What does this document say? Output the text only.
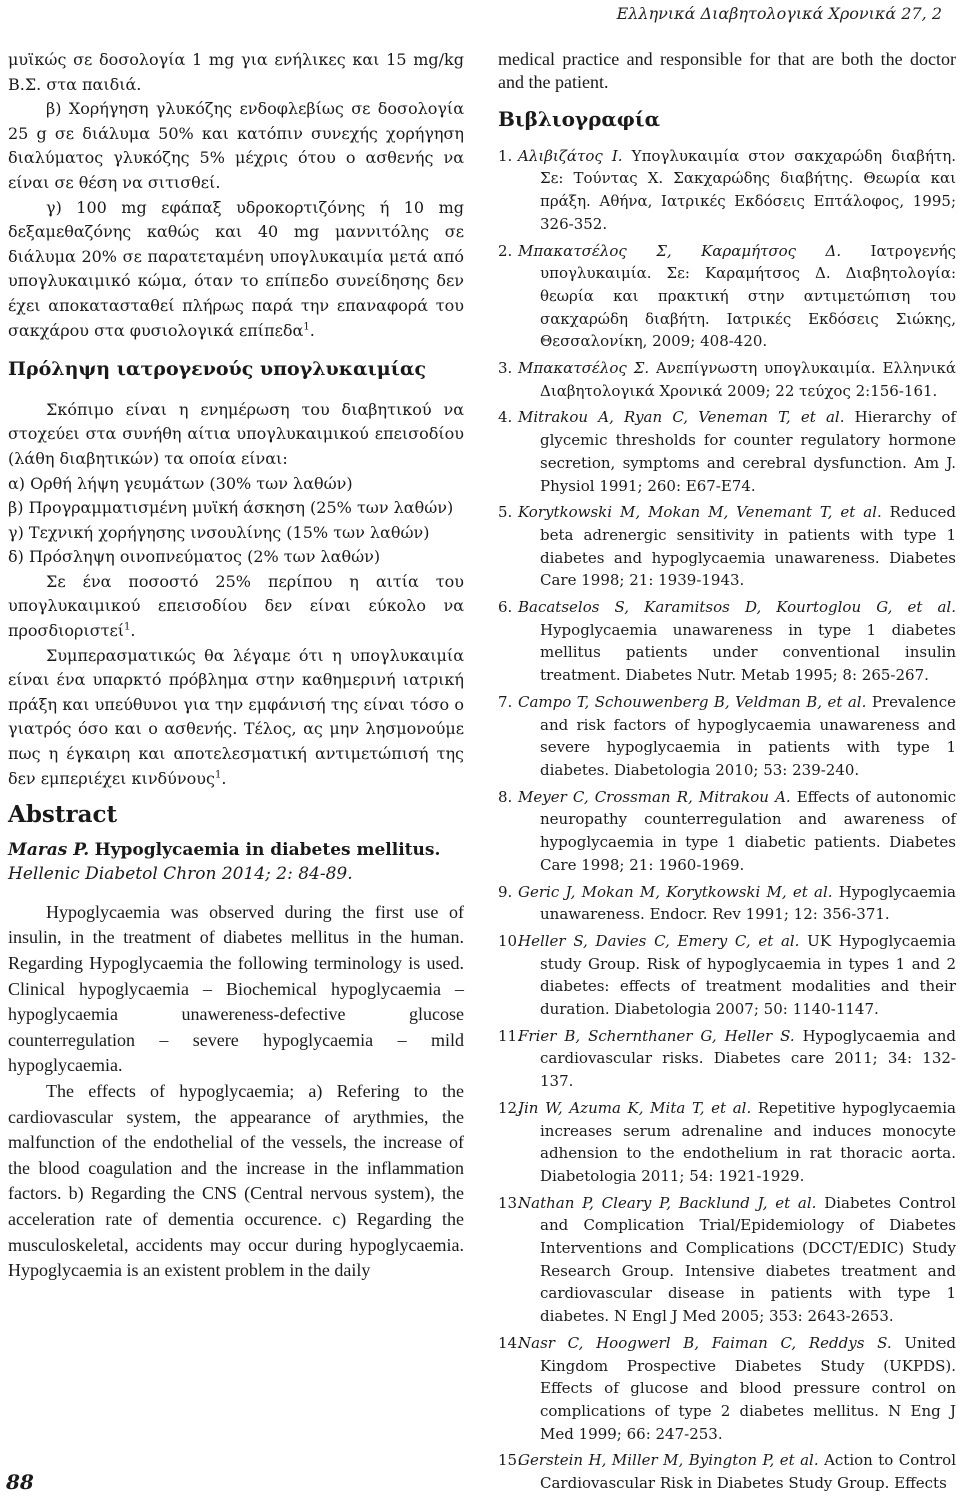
Ελληνικά Διαβητολογικά Χρονικά 27, 2

μυϊκώς σε δοσολογία 1 mg για ενήλικες και 15 mg/kg Β.Σ. στα παιδιά.

β) Χορήγηση γλυκόζης ενδοφλεβίως σε δοσολογία 25 g σε διάλυμα 50% και κατόπιν συνεχής χορήγηση διαλύματος γλυκόζης 5% μέχρις ότου ο ασθενής να είναι σε θέση να σιτισθεί.

γ) 100 mg εφάπαξ υδροκορτιζόνης ή 10 mg δεξαμεθαζόνης καθώς και 40 mg μαννιτόλης σε διάλυμα 20% σε παρατεταμένη υπογλυκαιμία μετά από υπογλυκαιμικό κώμα, όταν το επίπεδο συνείδησης δεν έχει αποκατασταθεί πλήρως παρά την επαναφορά του σακχάρου στα φυσιολογικά επίπεδα$^1$.

Πρόληψη ιατρογενούς υπογλυκαιμίας

Σκόπιμο είναι η ενημέρωση του διαβητικού να στοχεύει στα συνήθη αίτια υπογλυκαιμικού επεισοδίου (λάθη διαβητικών) τα οποία είναι:

α) Ορθή λήψη γευμάτων (30% των λαθών)

β) Προγραμματισμένη μυϊκή άσκηση (25% των λαθών)

γ) Τεχνική χορήγησης ινσουλίνης (15% των λαθών)

δ) Πρόσληψη οινοπνεύματος (2% των λαθών)

Σε ένα ποσοστό 25% περίπου η αιτία του υπογλυκαιμικού επεισοδίου δεν είναι εύκολο να προσδιοριστεί$^1$.

Συμπερασματικώς θα λέγαμε ότι η υπογλυκαιμία είναι ένα υπαρκτό πρόβλημα στην καθημερινή ιατρική πράξη και υπεύθυνοι για την εμφάνισή της είναι τόσο ο γιατρός όσο και ο ασθενής. Τέλος, ας μην λησμονούμε πως η έγκαιρη και αποτελεσματική αντιμετώπισή της δεν εμπεριέχει κινδύνους$^1$.

Abstract

Maras P. Hypoglycaemia in diabetes mellitus. Hellenic Diabetol Chron 2014; 2: 84-89.

Hypoglycaemia was observed during the first use of insulin, in the treatment of diabetes mellitus in the human. Regarding Hypoglycaemia the following terminology is used. Clinical hypoglycaemia – Biochemical hypoglycaemia – hypoglycaemia unawereness-defective glucose counterregulation – severe hypoglycaemia – mild hypoglycaemia.

The effects of hypoglycaemia; a) Refering to the cardiovascular system, the appearance of arythmies, the malfunction of the endothelial of the vessels, the increase of the blood coagulation and the increase in the inflammation factors. b) Regarding the CNS (Central nervous system), the acceleration rate of dementia occurence. c) Regarding the musculoskeletal, accidents may occur during hypoglycaemia. Hypoglycaemia is an existent problem in the daily

medical practice and responsible for that are both the doctor and the patient.

Βιβλιογραφία
1. Αλιβιζάτος Ι. Υπογλυκαιμία στον σακχαρώδη διαβήτη. Σε: Τούντας Χ. Σακχαρώδης διαβήτης. Θεωρία και πράξη. Αθήνα, Ιατρικές Εκδόσεις Επτάλοφος, 1995; 326-352.
2. Μπακατσέλος Σ, Καραμήτσος Δ. Ιατρογενής υπογλυκαιμία. Σε: Καραμήτσος Δ. Διαβητολογία: θεωρία και πρακτική στην αντιμετώπιση του σακχαρώδη διαβήτη. Ιατρικές Εκδόσεις Σιώκης, Θεσσαλονίκη, 2009; 408-420.
3. Μπακατσέλος Σ. Ανεπίγνωστη υπογλυκαιμία. Ελληνικά Διαβητολογικά Χρονικά 2009; 22 τεύχος 2:156-161.
4. Mitrakou A, Ryan C, Veneman T, et al. Hierarchy of glycemic thresholds for counter regulatory hormone secretion, symptoms and cerebral dysfunction. Am J. Physiol 1991; 260: E67-E74.
5. Korytkowski M, Mokan M, Venemant T, et al. Reduced beta adrenergic sensitivity in patients with type 1 diabetes and hypoglycaemia unawareness. Diabetes Care 1998; 21: 1939-1943.
6. Bacatselos S, Karamitsos D, Kourtoglou G, et al. Hypoglycaemia unawareness in type 1 diabetes mellitus patients under conventional insulin treatment. Diabetes Nutr. Metab 1995; 8: 265-267.
7. Campo T, Schouwenberg B, Veldman B, et al. Prevalence and risk factors of hypoglycaemia unawareness and severe hypoglycaemia in patients with type 1 diabetes. Diabetologia 2010; 53: 239-240.
8. Meyer C, Crossman R, Mitrakou A. Effects of autonomic neuropathy counterregulation and awareness of hypoglycaemia in type 1 diabetic patients. Diabetes Care 1998; 21: 1960-1969.
9. Geric J, Mokan M, Korytkowski M, et al. Hypoglycaemia unawareness. Endocr. Rev 1991; 12: 356-371.
10.Heller S, Davies C, Emery C, et al. UK Hypoglycaemia study Group. Risk of hypoglycaemia in types 1 and 2 diabetes: effects of treatment modalities and their duration. Diabetologia 2007; 50: 1140-1147.
11.Frier B, Schernthaner G, Heller S. Hypoglycaemia and cardiovascular risks. Diabetes care 2011; 34: 132-137.
12.Jin W, Azuma K, Mita T, et al. Repetitive hypoglycaemia increases serum adrenaline and induces monocyte adhension to the endothelium in rat thoracic aorta. Diabetologia 2011; 54: 1921-1929.
13.Nathan P, Cleary P, Backlund J, et al. Diabetes Control and Complication Trial/Epidemiology of Diabetes Interventions and Complications (DCCT/EDIC) Study Research Group. Intensive diabetes treatment and cardiovascular disease in patients with type 1 diabetes. N Engl J Med 2005; 353: 2643-2653.
14.Nasr C, Hoogwerl B, Faiman C, Reddys S. United Kingdom Prospective Diabetes Study (UKPDS). Effects of glucose and blood pressure control on complications of type 2 diabetes mellitus. N Eng J Med 1999; 66: 247-253.
15.Gerstein H, Miller M, Byington P, et al. Action to Control Cardiovascular Risk in Diabetes Study Group. Effects
88
